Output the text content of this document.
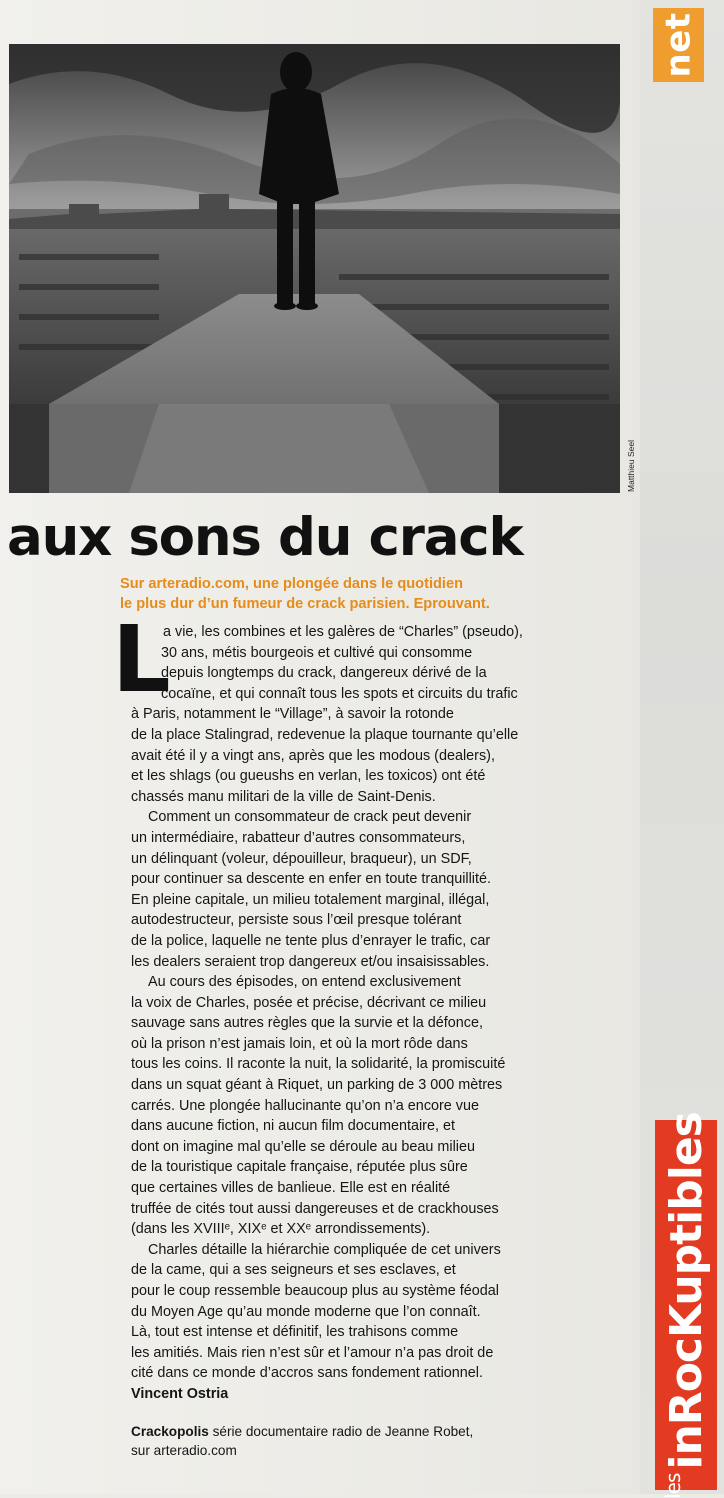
net
Matthieu Seel
aux sons du crack
Sur arteradio.com, une plongée dans le quotidien
le plus dur d’un fumeur de crack parisien. Eprouvant.
L
a vie, les combines et les galères de “Charles” (pseudo),
30 ans, métis bourgeois et cultivé qui consomme
depuis longtemps du crack, dangereux dérivé de la
cocaïne, et qui connaît tous les spots et circuits du trafic
à Paris, notamment le “Village”, à savoir la rotonde
de la place Stalingrad, redevenue la plaque tournante qu’elle
avait été il y a vingt ans, après que les modous (dealers),
et les shlags (ou gueushs en verlan, les toxicos) ont été
chassés manu militari de la ville de Saint-Denis.
Comment un consommateur de crack peut devenir
un intermédiaire, rabatteur d’autres consommateurs,
un délinquant (voleur, dépouilleur, braqueur), un SDF,
pour continuer sa descente en enfer en toute tranquillité.
En pleine capitale, un milieu totalement marginal, illégal,
autodestructeur, persiste sous l’œil presque tolérant
de la police, laquelle ne tente plus d’enrayer le trafic, car
les dealers seraient trop dangereux et/ou insaisissables.
Au cours des épisodes, on entend exclusivement
la voix de Charles, posée et précise, décrivant ce milieu
sauvage sans autres règles que la survie et la défonce,
où la prison n’est jamais loin, et où la mort rôde dans
tous les coins. Il raconte la nuit, la solidarité, la promiscuité
dans un squat géant à Riquet, un parking de 3 000 mètres
carrés. Une plongée hallucinante qu’on n’a encore vue
dans aucune fiction, ni aucun film documentaire, et
dont on imagine mal qu’elle se déroule au beau milieu
de la touristique capitale française, réputée plus sûre
que certaines villes de banlieue. Elle est en réalité
truffée de cités tout aussi dangereuses et de crackhouses
(dans les XVIIIᵉ, XIXᵉ et XXᵉ arrondissements).
Charles détaille la hiérarchie compliquée de cet univers
de la came, qui a ses seigneurs et ses esclaves, et
pour le coup ressemble beaucoup plus au système féodal
du Moyen Age qu’au monde moderne que l’on connaît.
Là, tout est intense et définitif, les trahisons comme
les amitiés. Mais rien n’est sûr et l’amour n’a pas droit de
cité dans ce monde d’accros sans fondement rationnel.
Vincent Ostria
Crackopolis série documentaire radio de Jeanne Robet,
sur arteradio.com
$^{les}$inRocKuptibles
